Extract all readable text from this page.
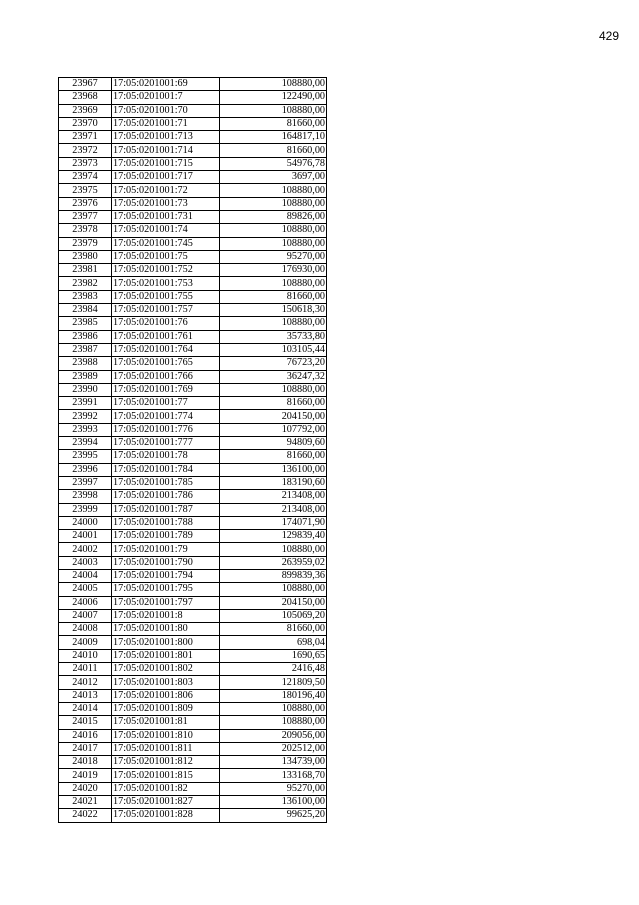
429
23967	17:05:0201001:69	108880,00
23968	17:05:0201001:7	122490,00
23969	17:05:0201001:70	108880,00
23970	17:05:0201001:71	81660,00
23971	17:05:0201001:713	164817,10
23972	17:05:0201001:714	81660,00
23973	17:05:0201001:715	54976,78
23974	17:05:0201001:717	3697,00
23975	17:05:0201001:72	108880,00
23976	17:05:0201001:73	108880,00
23977	17:05:0201001:731	89826,00
23978	17:05:0201001:74	108880,00
23979	17:05:0201001:745	108880,00
23980	17:05:0201001:75	95270,00
23981	17:05:0201001:752	176930,00
23982	17:05:0201001:753	108880,00
23983	17:05:0201001:755	81660,00
23984	17:05:0201001:757	150618,30
23985	17:05:0201001:76	108880,00
23986	17:05:0201001:761	35733,80
23987	17:05:0201001:764	103105,44
23988	17:05:0201001:765	76723,20
23989	17:05:0201001:766	36247,32
23990	17:05:0201001:769	108880,00
23991	17:05:0201001:77	81660,00
23992	17:05:0201001:774	204150,00
23993	17:05:0201001:776	107792,00
23994	17:05:0201001:777	94809,60
23995	17:05:0201001:78	81660,00
23996	17:05:0201001:784	136100,00
23997	17:05:0201001:785	183190,60
23998	17:05:0201001:786	213408,00
23999	17:05:0201001:787	213408,00
24000	17:05:0201001:788	174071,90
24001	17:05:0201001:789	129839,40
24002	17:05:0201001:79	108880,00
24003	17:05:0201001:790	263959,02
24004	17:05:0201001:794	899839,36
24005	17:05:0201001:795	108880,00
24006	17:05:0201001:797	204150,00
24007	17:05:0201001:8	105069,20
24008	17:05:0201001:80	81660,00
24009	17:05:0201001:800	698,04
24010	17:05:0201001:801	1690,65
24011	17:05:0201001:802	2416,48
24012	17:05:0201001:803	121809,50
24013	17:05:0201001:806	180196,40
24014	17:05:0201001:809	108880,00
24015	17:05:0201001:81	108880,00
24016	17:05:0201001:810	209056,00
24017	17:05:0201001:811	202512,00
24018	17:05:0201001:812	134739,00
24019	17:05:0201001:815	133168,70
24020	17:05:0201001:82	95270,00
24021	17:05:0201001:827	136100,00
24022	17:05:0201001:828	99625,20
